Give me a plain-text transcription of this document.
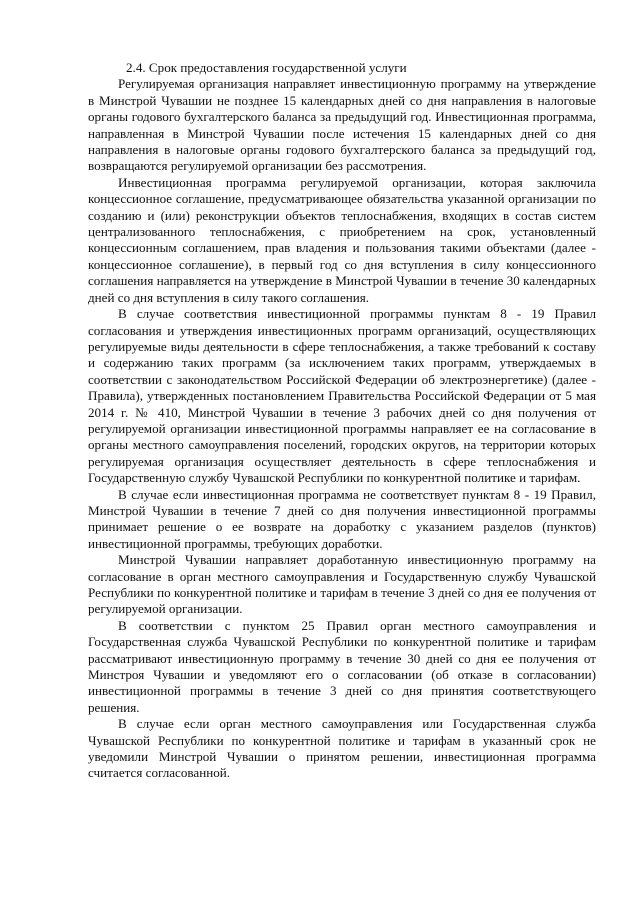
2.4. Срок предоставления государственной услуги

Регулируемая организация направляет инвестиционную программу на утверждение в Минстрой Чувашии не позднее 15 календарных дней со дня направления в налоговые органы годового бухгалтерского баланса за предыдущий год. Инвестиционная программа, направленная в Минстрой Чувашии после истечения 15 календарных дней со дня направления в налоговые органы годового бухгалтерского баланса за предыдущий год, возвращаются регулируемой организации без рассмотрения.

Инвестиционная программа регулируемой организации, которая заключила концессионное соглашение, предусматривающее обязательства указанной организации по созданию и (или) реконструкции объектов теплоснабжения, входящих в состав систем централизованного теплоснабжения, с приобретением на срок, установленный концессионным соглашением, прав владения и пользования такими объектами (далее - концессионное соглашение), в первый год со дня вступления в силу концессионного соглашения направляется на утверждение в Минстрой Чувашии в течение 30 календарных дней со дня вступления в силу такого соглашения.

В случае соответствия инвестиционной программы пунктам 8 - 19 Правил согласования и утверждения инвестиционных программ организаций, осуществляющих регулируемые виды деятельности в сфере теплоснабжения, а также требований к составу и содержанию таких программ (за исключением таких программ, утверждаемых в соответствии с законодательством Российской Федерации об электроэнергетике) (далее - Правила), утвержденных постановлением Правительства Российской Федерации от 5 мая 2014 г. № 410, Минстрой Чувашии в течение 3 рабочих дней со дня получения от регулируемой организации инвестиционной программы направляет ее на согласование в органы местного самоуправления поселений, городских округов, на территории которых регулируемая организация осуществляет деятельность в сфере теплоснабжения и Государственную службу Чувашской Республики по конкурентной политике и тарифам.

В случае если инвестиционная программа не соответствует пунктам 8 - 19 Правил, Минстрой Чувашии в течение 7 дней со дня получения инвестиционной программы принимает решение о ее возврате на доработку с указанием разделов (пунктов) инвестиционной программы, требующих доработки.

Минстрой Чувашии направляет доработанную инвестиционную программу на согласование в орган местного самоуправления и Государственную службу Чувашской Республики по конкурентной политике и тарифам в течение 3 дней со дня ее получения от регулируемой организации.

В соответствии с пунктом 25 Правил орган местного самоуправления и Государственная служба Чувашской Республики по конкурентной политике и тарифам рассматривают инвестиционную программу в течение 30 дней со дня ее получения от Минстроя Чувашии и уведомляют его о согласовании (об отказе в согласовании) инвестиционной программы в течение 3 дней со дня принятия соответствующего решения.

В случае если орган местного самоуправления или Государственная служба Чувашской Республики по конкурентной политике и тарифам в указанный срок не уведомили Минстрой Чувашии о принятом решении, инвестиционная программа считается согласованной.
